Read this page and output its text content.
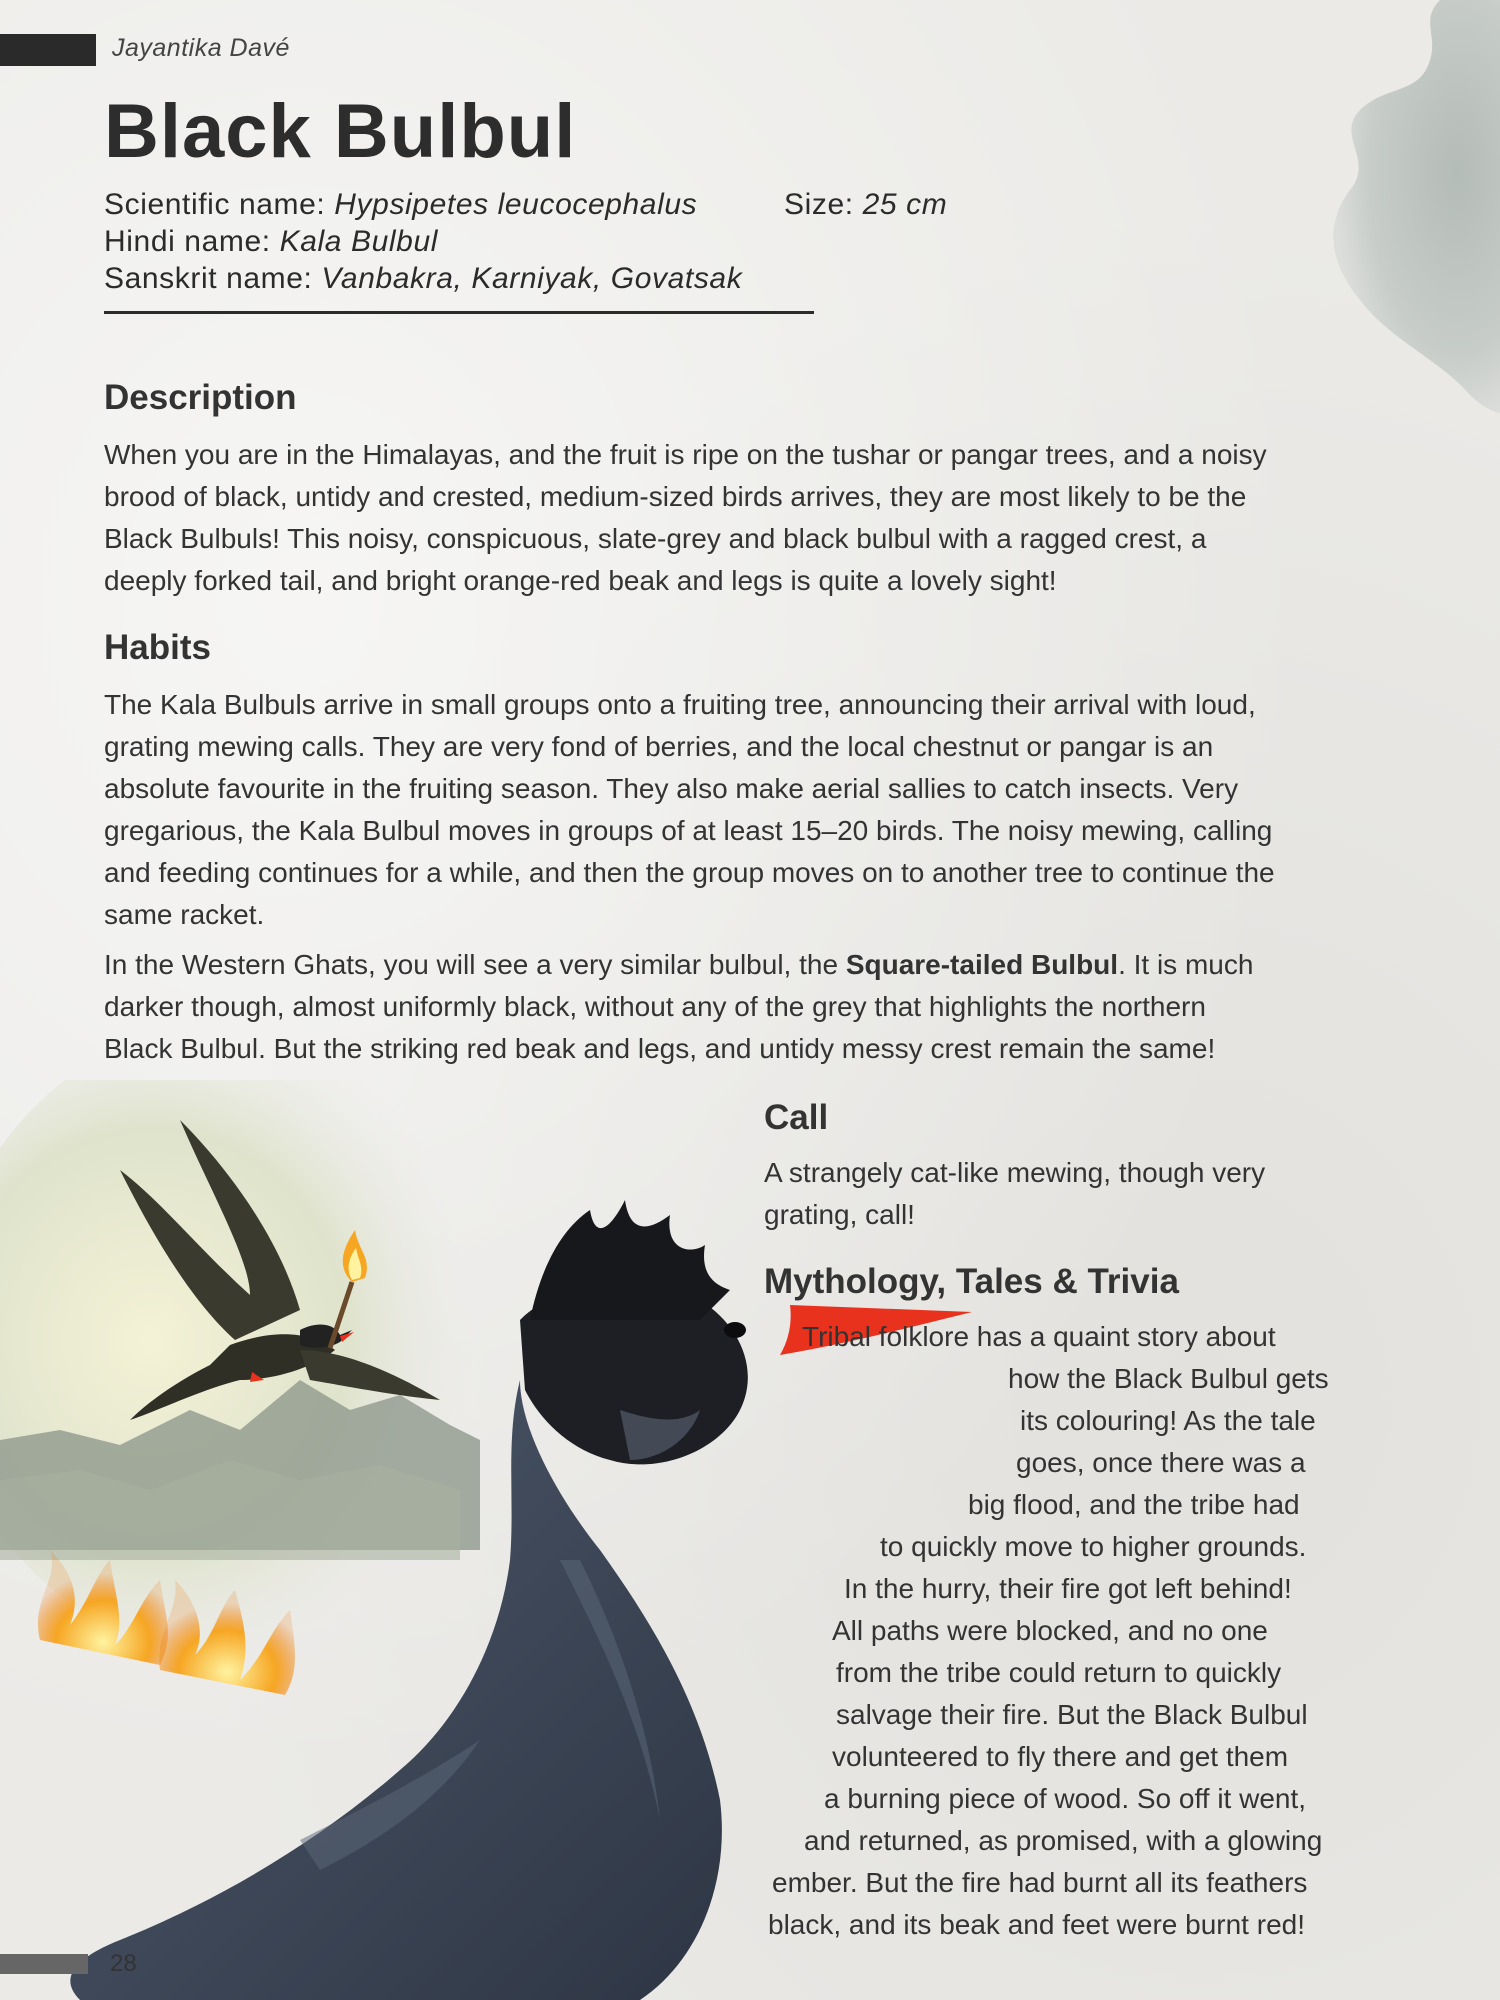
Jayantika Davé
Black Bulbul
Scientific name: Hypsipetes leucocephalus	Size: 25 cm
Hindi name: Kala Bulbul
Sanskrit name: Vanbakra, Karniyak, Govatsak
Description
When you are in the Himalayas, and the fruit is ripe on the tushar or pangar trees, and a noisy
brood of black, untidy and crested, medium-sized birds arrives, they are most likely to be the
Black Bulbuls! This noisy, conspicuous, slate-grey and black bulbul with a ragged crest, a
deeply forked tail, and bright orange-red beak and legs is quite a lovely sight!
Habits
The Kala Bulbuls arrive in small groups onto a fruiting tree, announcing their arrival with loud,
grating mewing calls. They are very fond of berries, and the local chestnut or pangar is an
absolute favourite in the fruiting season. They also make aerial sallies to catch insects. Very
gregarious, the Kala Bulbul moves in groups of at least 15–20 birds. The noisy mewing, calling
and feeding continues for a while, and then the group moves on to another tree to continue the
same racket.
In the Western Ghats, you will see a very similar bulbul, the Square-tailed Bulbul. It is much
darker though, almost uniformly black, without any of the grey that highlights the northern
Black Bulbul. But the striking red beak and legs, and untidy messy crest remain the same!
Call
A strangely cat-like mewing, though very
grating, call!
Mythology, Tales & Trivia
Tribal folklore has a quaint story about
how the Black Bulbul gets
its colouring! As the tale
goes, once there was a
big flood, and the tribe had
to quickly move to higher grounds.
In the hurry, their fire got left behind!
All paths were blocked, and no one
from the tribe could return to quickly
salvage their fire. But the Black Bulbul
volunteered to fly there and get them
a burning piece of wood. So off it went,
and returned, as promised, with a glowing
ember. But the fire had burnt all its feathers
black, and its beak and feet were burnt red!
28
